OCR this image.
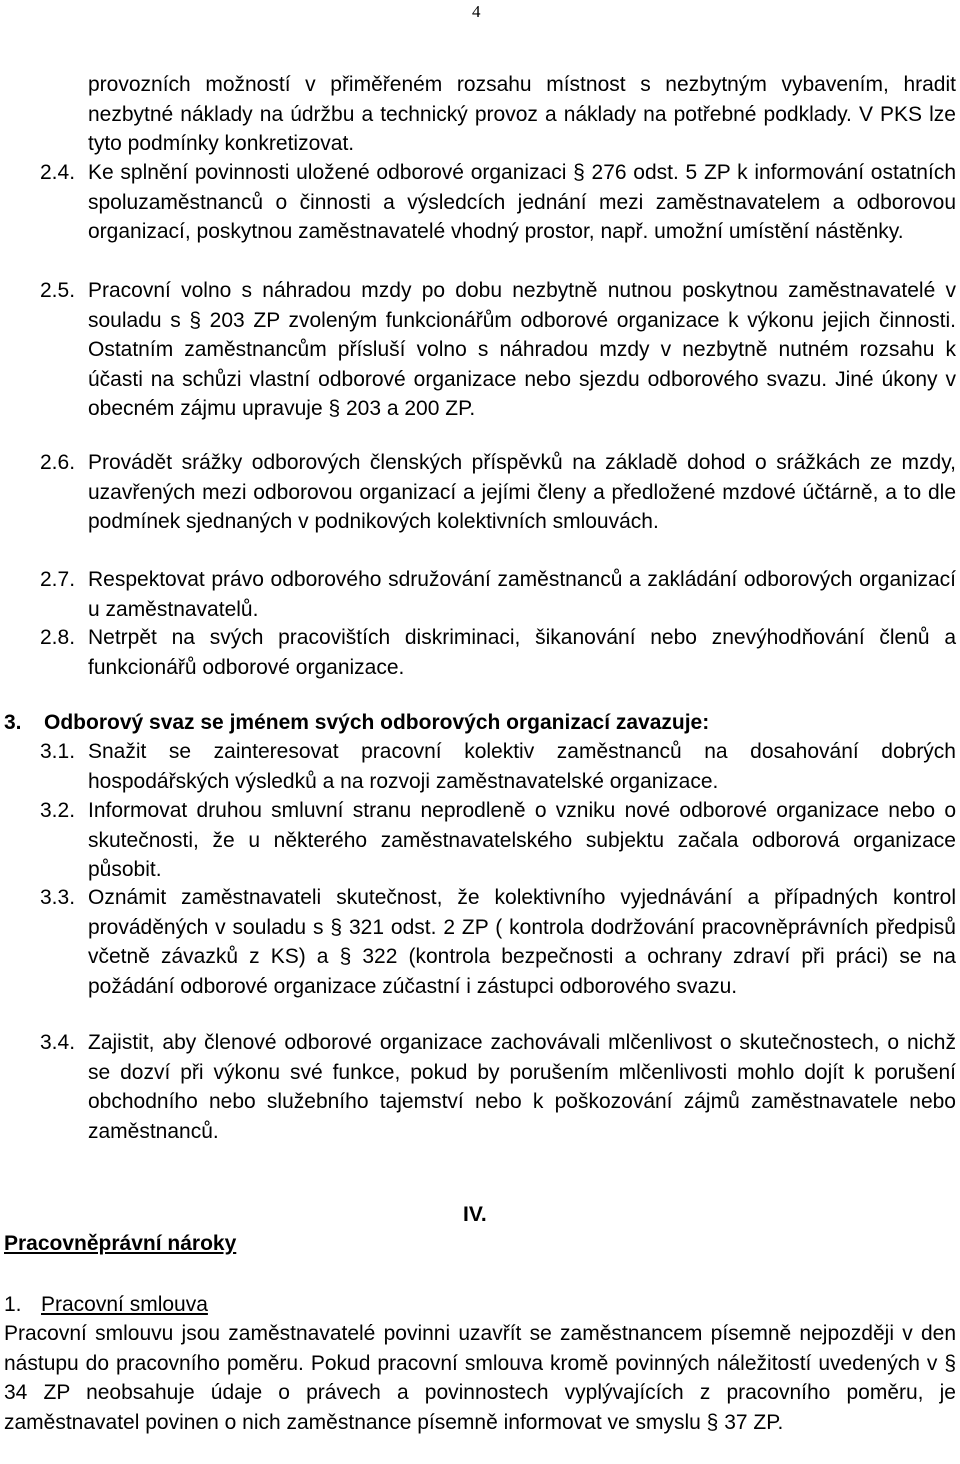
4
provozních možností v přiměřeném rozsahu místnost s nezbytným vybavením, hradit nezbytné náklady na údržbu a technický provoz a náklady na potřebné podklady. V PKS lze tyto podmínky konkretizovat.
2.4. Ke splnění povinnosti uložené odborové organizaci § 276 odst. 5 ZP k informování ostatních spoluzaměstnanců o činnosti a výsledcích jednání mezi zaměstnavatelem a odborovou organizací, poskytnou zaměstnavatelé vhodný prostor, např. umožní umístění nástěnky.
2.5. Pracovní volno s náhradou mzdy po dobu nezbytně nutnou poskytnou zaměstnavatelé v souladu s § 203 ZP zvoleným funkcionářům odborové organizace k výkonu jejich činnosti. Ostatním zaměstnancům přísluší volno s náhradou mzdy v nezbytně nutném rozsahu k účasti na schůzi vlastní odborové organizace nebo sjezdu odborového svazu. Jiné úkony v obecném zájmu upravuje § 203 a 200 ZP.
2.6. Provádět srážky odborových členských příspěvků na základě dohod o srážkách ze mzdy, uzavřených mezi odborovou organizací a jejími členy a předložené mzdové účtárně, a to dle podmínek sjednaných v podnikových kolektivních smlouvách.
2.7. Respektovat právo odborového sdružování zaměstnanců a zakládání odborových organizací u zaměstnavatelů.
2.8. Netrpět na svých pracovištích diskriminaci, šikanování nebo znevýhodňování členů a funkcionářů odborové organizace.
3. Odborový svaz se jménem svých odborových organizací zavazuje:
3.1. Snažit se zainteresovat pracovní kolektiv zaměstnanců na dosahování dobrých hospodářských výsledků a na rozvoji zaměstnavatelské organizace.
3.2. Informovat druhou smluvní stranu neprodleně o vzniku nové odborové organizace nebo o skutečnosti, že u některého zaměstnavatelského subjektu začala odborová organizace působit.
3.3. Oznámit zaměstnavateli skutečnost, že kolektivního vyjednávání a případných kontrol prováděných v souladu s § 321 odst. 2 ZP ( kontrola dodržování pracovněprávních předpisů včetně závazků z KS) a § 322 (kontrola bezpečnosti a ochrany zdraví při práci) se na požádání odborové organizace zúčastní i zástupci odborového svazu.
3.4. Zajistit, aby členové odborové organizace zachovávali mlčenlivost o skutečnostech, o nichž se dozví při výkonu své funkce, pokud by porušením mlčenlivosti mohlo dojít k porušení obchodního nebo služebního tajemství nebo k poškozování zájmů zaměstnavatele nebo zaměstnanců.
IV.
Pracovněprávní nároky
1. Pracovní smlouva
Pracovní smlouvu jsou zaměstnavatelé povinni uzavřít se zaměstnancem písemně nejpozději v den nástupu do pracovního poměru. Pokud pracovní smlouva kromě povinných náležitostí uvedených v § 34 ZP neobsahuje údaje o právech a povinnostech vyplývajících z pracovního poměru, je zaměstnavatel povinen o nich zaměstnance písemně informovat ve smyslu § 37 ZP.
